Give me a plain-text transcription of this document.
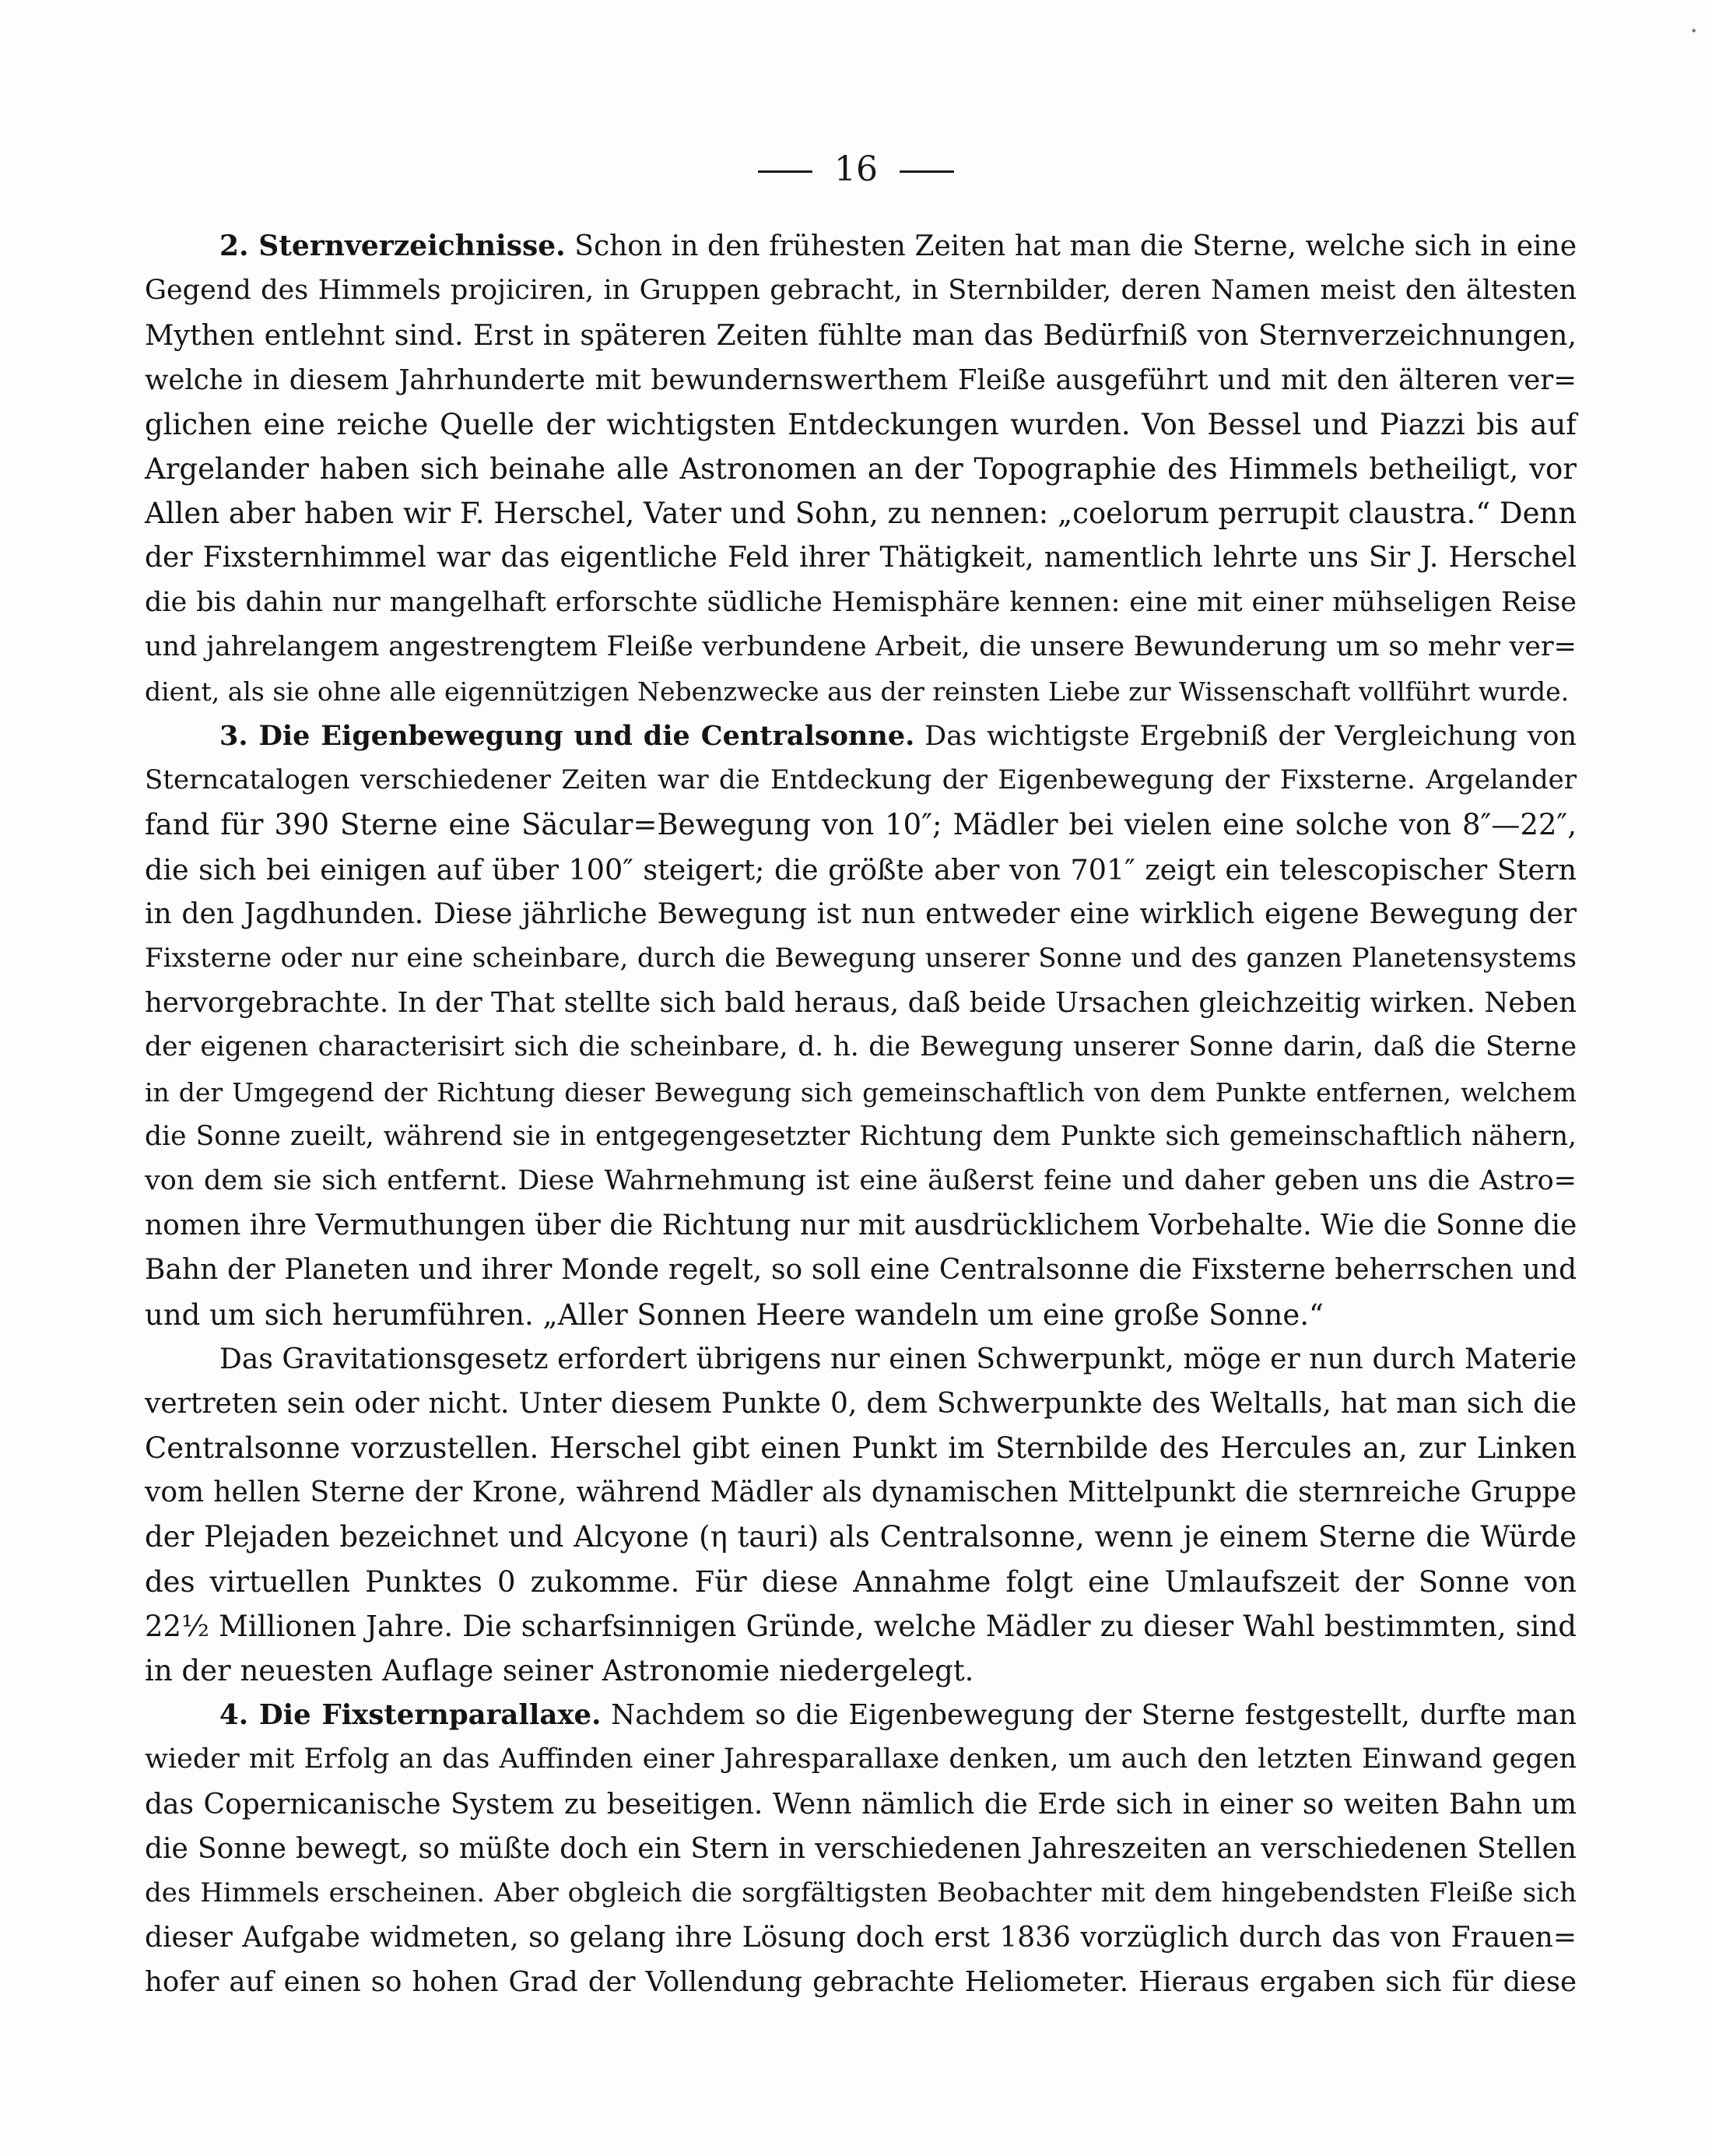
·
16
2. Sternverzeichnisse. Schon in den frühesten Zeiten hat man die Sterne, welche sich in eine
Gegend des Himmels projiciren, in Gruppen gebracht, in Sternbilder, deren Namen meist den ältesten
Mythen entlehnt sind. Erst in späteren Zeiten fühlte man das Bedürfniß von Sternverzeichnungen,
welche in diesem Jahrhunderte mit bewundernswerthem Fleiße ausgeführt und mit den älteren ver=
glichen eine reiche Quelle der wichtigsten Entdeckungen wurden. Von Bessel und Piazzi bis auf
Argelander haben sich beinahe alle Astronomen an der Topographie des Himmels betheiligt, vor
Allen aber haben wir F. Herschel, Vater und Sohn, zu nennen: „coelorum perrupit claustra.“ Denn
der Fixsternhimmel war das eigentliche Feld ihrer Thätigkeit, namentlich lehrte uns Sir J. Herschel
die bis dahin nur mangelhaft erforschte südliche Hemisphäre kennen: eine mit einer mühseligen Reise
und jahrelangem angestrengtem Fleiße verbundene Arbeit, die unsere Bewunderung um so mehr ver=
dient, als sie ohne alle eigennützigen Nebenzwecke aus der reinsten Liebe zur Wissenschaft vollführt wurde.
3. Die Eigenbewegung und die Centralsonne. Das wichtigste Ergebniß der Vergleichung von
Sterncatalogen verschiedener Zeiten war die Entdeckung der Eigenbewegung der Fixsterne. Argelander
fand für 390 Sterne eine Säcular=Bewegung von 10″; Mädler bei vielen eine solche von 8″—22″,
die sich bei einigen auf über 100″ steigert; die größte aber von 701″ zeigt ein telescopischer Stern
in den Jagdhunden. Diese jährliche Bewegung ist nun entweder eine wirklich eigene Bewegung der
Fixsterne oder nur eine scheinbare, durch die Bewegung unserer Sonne und des ganzen Planetensystems
hervorgebrachte. In der That stellte sich bald heraus, daß beide Ursachen gleichzeitig wirken. Neben
der eigenen characterisirt sich die scheinbare, d. h. die Bewegung unserer Sonne darin, daß die Sterne
in der Umgegend der Richtung dieser Bewegung sich gemeinschaftlich von dem Punkte entfernen, welchem
die Sonne zueilt, während sie in entgegengesetzter Richtung dem Punkte sich gemeinschaftlich nähern,
von dem sie sich entfernt. Diese Wahrnehmung ist eine äußerst feine und daher geben uns die Astro=
nomen ihre Vermuthungen über die Richtung nur mit ausdrücklichem Vorbehalte. Wie die Sonne die
Bahn der Planeten und ihrer Monde regelt, so soll eine Centralsonne die Fixsterne beherrschen und
und um sich herumführen. „Aller Sonnen Heere wandeln um eine große Sonne.“
Das Gravitationsgesetz erfordert übrigens nur einen Schwerpunkt, möge er nun durch Materie
vertreten sein oder nicht. Unter diesem Punkte 0, dem Schwerpunkte des Weltalls, hat man sich die
Centralsonne vorzustellen. Herschel gibt einen Punkt im Sternbilde des Hercules an, zur Linken
vom hellen Sterne der Krone, während Mädler als dynamischen Mittelpunkt die sternreiche Gruppe
der Plejaden bezeichnet und Alcyone (η tauri) als Centralsonne, wenn je einem Sterne die Würde
des virtuellen Punktes 0 zukomme. Für diese Annahme folgt eine Umlaufszeit der Sonne von
22½ Millionen Jahre. Die scharfsinnigen Gründe, welche Mädler zu dieser Wahl bestimmten, sind
in der neuesten Auflage seiner Astronomie niedergelegt.
4. Die Fixsternparallaxe. Nachdem so die Eigenbewegung der Sterne festgestellt, durfte man
wieder mit Erfolg an das Auffinden einer Jahresparallaxe denken, um auch den letzten Einwand gegen
das Copernicanische System zu beseitigen. Wenn nämlich die Erde sich in einer so weiten Bahn um
die Sonne bewegt, so müßte doch ein Stern in verschiedenen Jahreszeiten an verschiedenen Stellen
des Himmels erscheinen. Aber obgleich die sorgfältigsten Beobachter mit dem hingebendsten Fleiße sich
dieser Aufgabe widmeten, so gelang ihre Lösung doch erst 1836 vorzüglich durch das von Frauen=
hofer auf einen so hohen Grad der Vollendung gebrachte Heliometer. Hieraus ergaben sich für diese
